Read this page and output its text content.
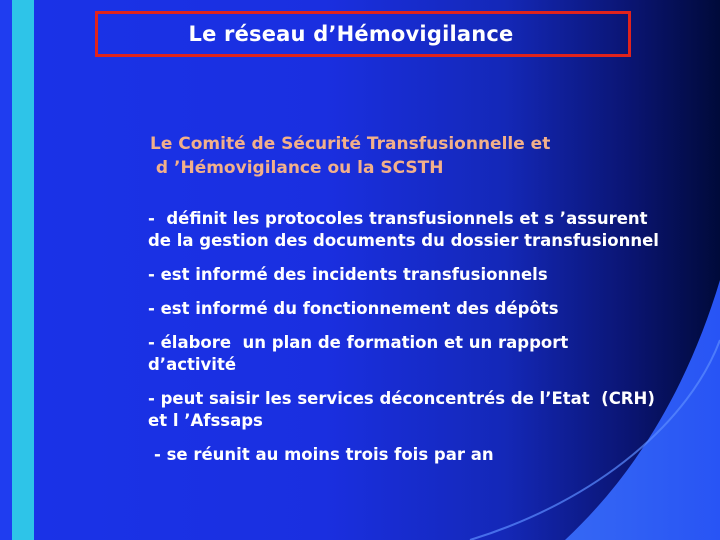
Le réseau d’Hémovigilance
Le Comité de Sécurité Transfusionnelle et
d ’Hémovigilance ou la SCSTH
-  définit les protocoles transfusionnels et s ’assurent
de la gestion des documents du dossier transfusionnel
- est informé des incidents transfusionnels
- est informé du fonctionnement des dépôts
- élabore  un plan de formation et un rapport
d’activité
- peut saisir les services déconcentrés de l’Etat  (CRH)
et l ’Afssaps
- se réunit au moins trois fois par an
